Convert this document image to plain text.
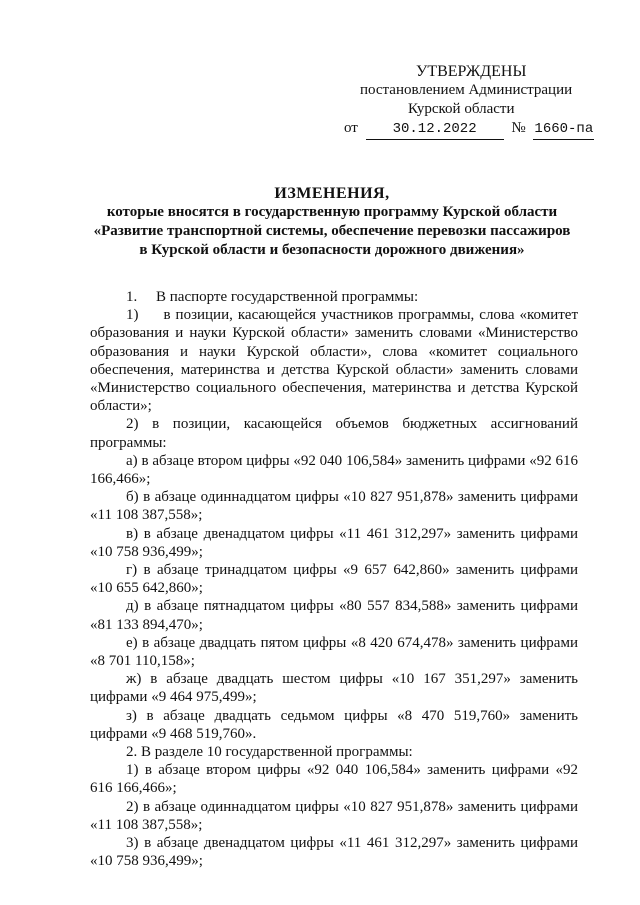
УТВЕРЖДЕНЫ
постановлением Администрации
Курской области
от 30.12.2022 № 1660-па
ИЗМЕНЕНИЯ,
которые вносятся в государственную программу Курской области
«Развитие транспортной системы, обеспечение перевозки пассажиров
в Курской области и безопасности дорожного движения»

1.     В паспорте государственной программы:

1)     в позиции, касающейся участников программы, слова «комитет образования и науки Курской области» заменить словами «Министерство образования и науки Курской области», слова «комитет социального обеспечения, материнства и детства Курской области» заменить словами «Министерство социального обеспечения, материнства и детства Курской области»;

2) в позиции, касающейся объемов бюджетных ассигнований программы:

а) в абзаце втором цифры «92 040 106,584» заменить цифрами «92 616 166,466»;

б) в абзаце одиннадцатом цифры «10 827 951,878» заменить цифрами «11 108 387,558»;

в) в абзаце двенадцатом цифры «11 461 312,297» заменить цифрами «10 758 936,499»;

г) в абзаце тринадцатом цифры «9 657 642,860» заменить цифрами «10 655 642,860»;

д) в абзаце пятнадцатом цифры «80 557 834,588» заменить цифрами «81 133 894,470»;

е) в абзаце двадцать пятом цифры «8 420 674,478» заменить цифрами «8 701 110,158»;

ж) в абзаце двадцать шестом цифры «10 167 351,297» заменить цифрами «9 464 975,499»;

з) в абзаце двадцать седьмом цифры «8 470 519,760» заменить цифрами «9 468 519,760».

2. В разделе 10 государственной программы:

1) в абзаце втором цифры «92 040 106,584» заменить цифрами «92 616 166,466»;

2) в абзаце одиннадцатом цифры «10 827 951,878» заменить цифрами «11 108 387,558»;

3) в абзаце двенадцатом цифры «11 461 312,297» заменить цифрами «10 758 936,499»;
